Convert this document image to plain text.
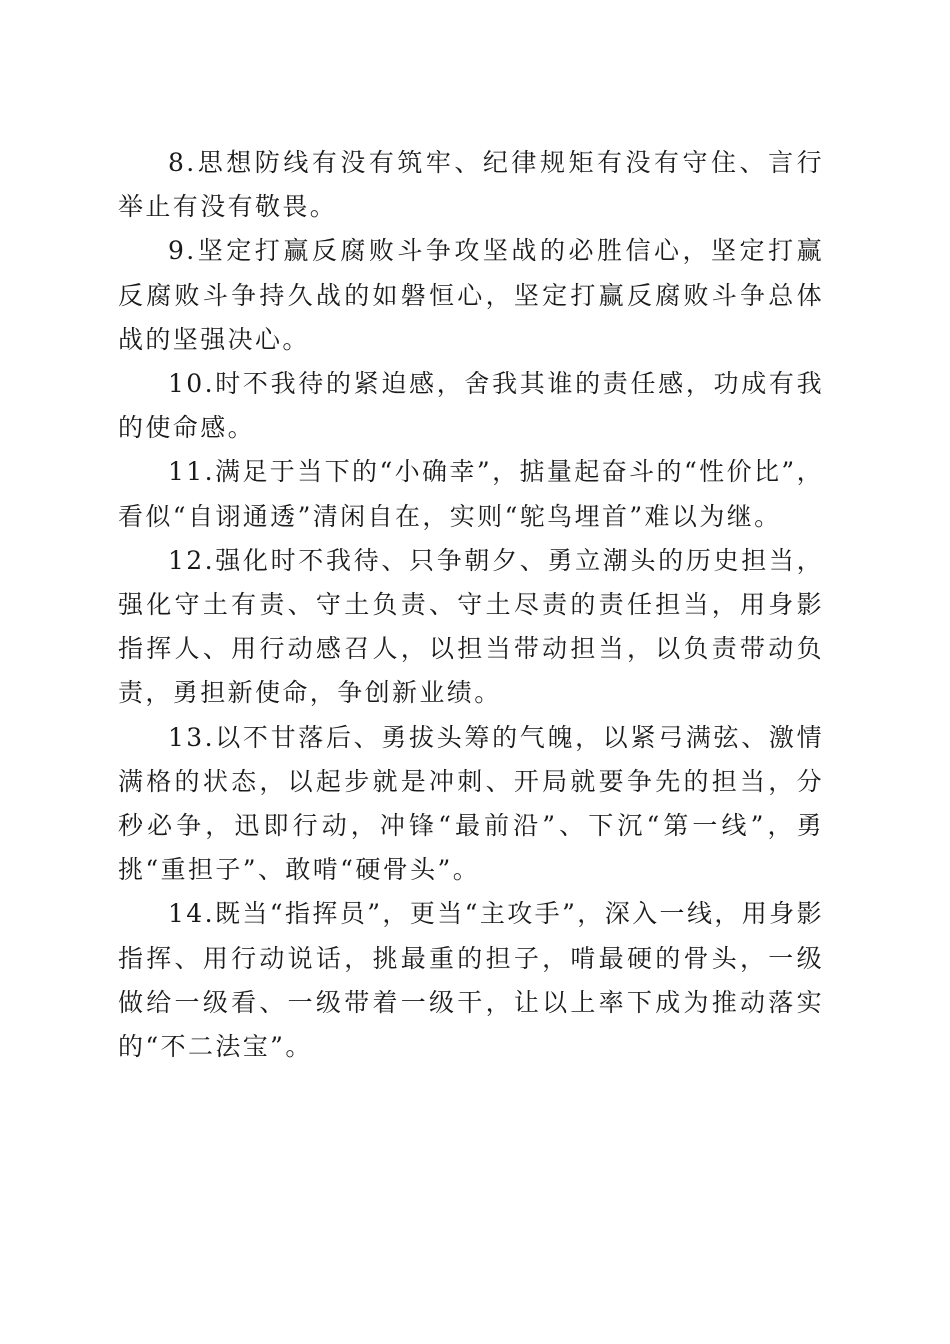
8.思想防线有没有筑牢、纪律规矩有没有守住、言行举止有没有敬畏。

9.坚定打赢反腐败斗争攻坚战的必胜信心，坚定打赢反腐败斗争持久战的如磐恒心，坚定打赢反腐败斗争总体战的坚强决心。

10.时不我待的紧迫感，舍我其谁的责任感，功成有我的使命感。

11.满足于当下的“小确幸”，掂量起奋斗的“性价比”，看似“自诩通透”清闲自在，实则“鸵鸟埋首”难以为继。

12.强化时不我待、只争朝夕、勇立潮头的历史担当，强化守土有责、守土负责、守土尽责的责任担当，用身影指挥人、用行动感召人，以担当带动担当，以负责带动负责，勇担新使命，争创新业绩。

13.以不甘落后、勇拔头筹的气魄，以紧弓满弦、激情满格的状态，以起步就是冲刺、开局就要争先的担当，分秒必争，迅即行动，冲锋“最前沿”、下沉“第一线”，勇挑“重担子”、敢啃“硬骨头”。

14.既当“指挥员”，更当“主攻手”，深入一线，用身影指挥、用行动说话，挑最重的担子，啃最硬的骨头，一级做给一级看、一级带着一级干，让以上率下成为推动落实的“不二法宝”。
